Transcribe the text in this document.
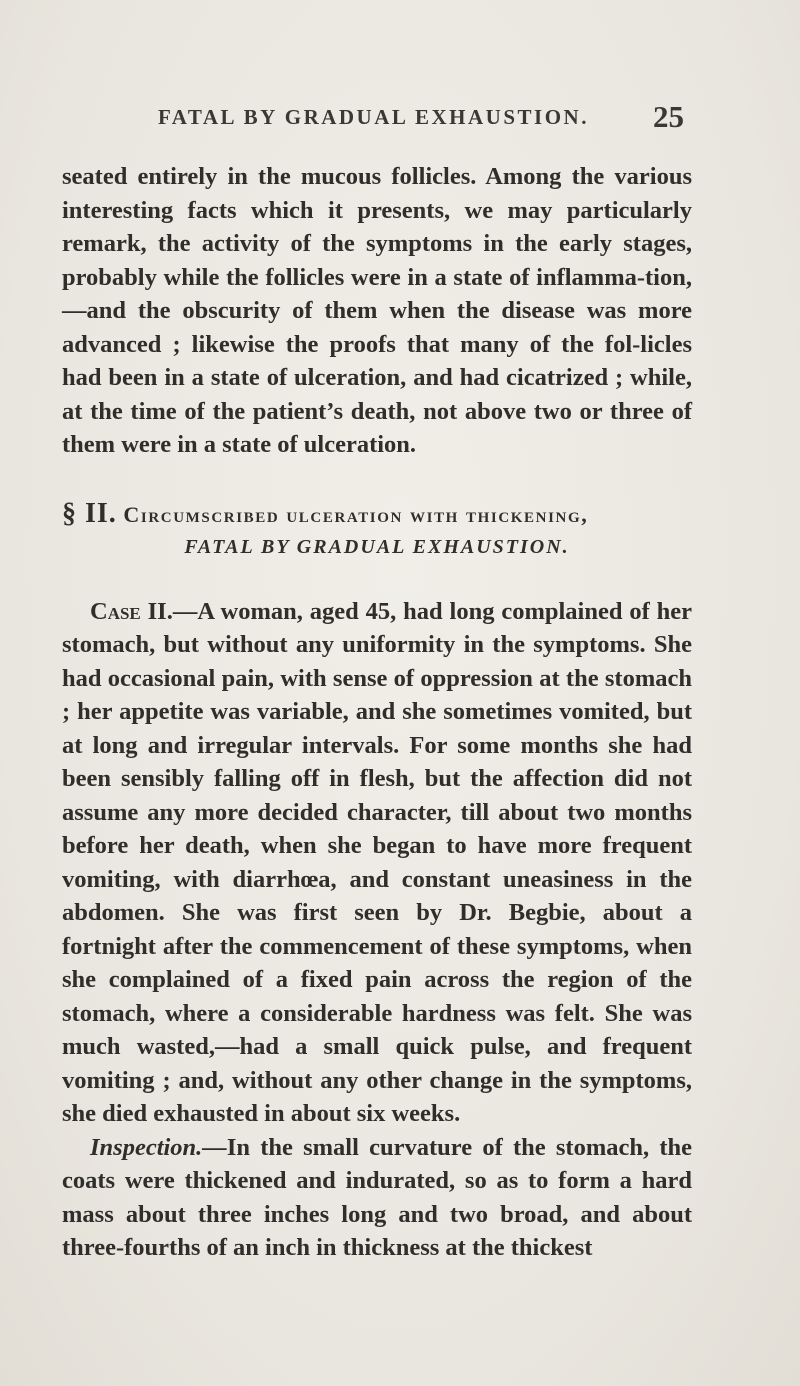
FATAL BY GRADUAL EXHAUSTION. 25

seated entirely in the mucous follicles. Among the various interesting facts which it presents, we may particularly remark, the activity of the symptoms in the early stages, probably while the follicles were in a state of inflamma-tion,—and the obscurity of them when the disease was more advanced ; likewise the proofs that many of the fol-licles had been in a state of ulceration, and had cicatrized ; while, at the time of the patient’s death, not above two or three of them were in a state of ulceration.

§ II. Circumscribed ulceration with thickening,
FATAL BY GRADUAL EXHAUSTION.

Case II.—A woman, aged 45, had long complained of her stomach, but without any uniformity in the symptoms. She had occasional pain, with sense of oppression at the stomach ; her appetite was variable, and she sometimes vomited, but at long and irregular intervals. For some months she had been sensibly falling off in flesh, but the affection did not assume any more decided character, till about two months before her death, when she began to have more frequent vomiting, with diarrhœa, and constant uneasiness in the abdomen. She was first seen by Dr. Begbie, about a fortnight after the commencement of these symptoms, when she complained of a fixed pain across the region of the stomach, where a considerable hardness was felt. She was much wasted,—had a small quick pulse, and frequent vomiting ; and, without any other change in the symptoms, she died exhausted in about six weeks.

Inspection.—In the small curvature of the stomach, the coats were thickened and indurated, so as to form a hard mass about three inches long and two broad, and about three-fourths of an inch in thickness at the thickest
